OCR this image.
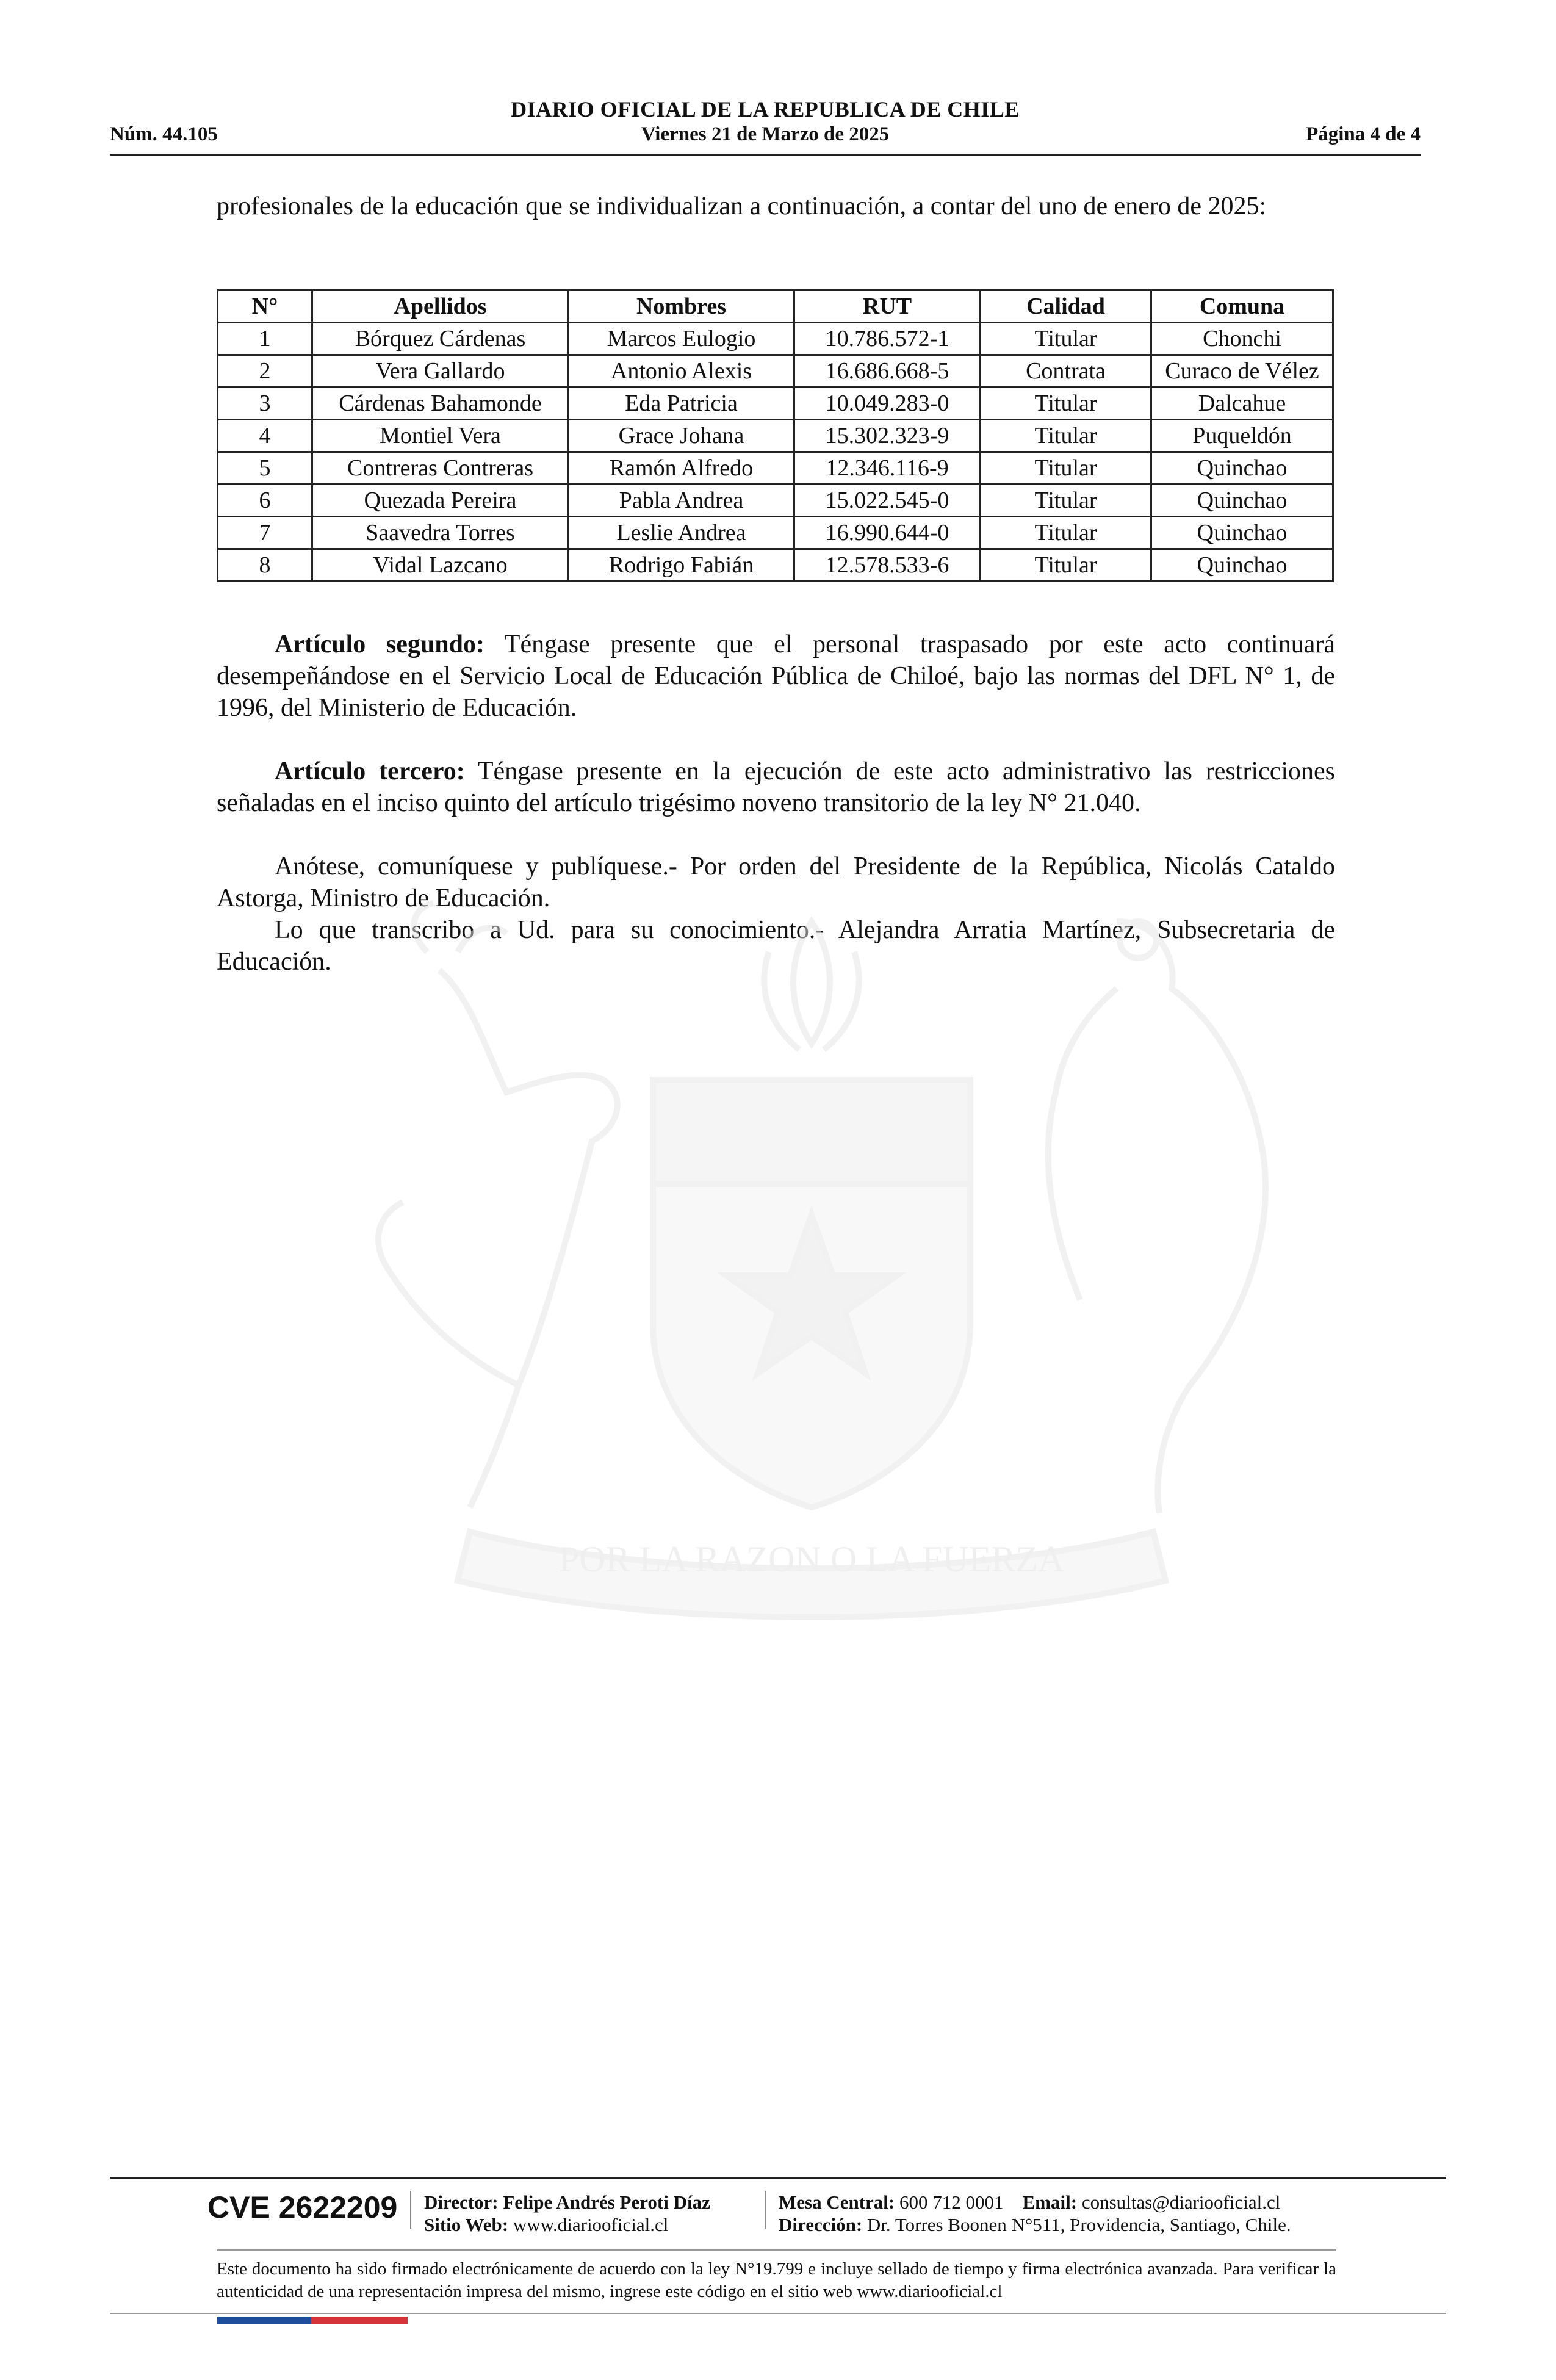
DIARIO OFICIAL DE LA REPUBLICA DE CHILE
Núm. 44.105	Viernes 21 de Marzo de 2025	Página 4 de 4

profesionales de la educación que se individualizan a continuación, a contar del uno de enero de 2025:

N°	Apellidos	Nombres	RUT	Calidad	Comuna
1	Bórquez Cárdenas	Marcos Eulogio	10.786.572-1	Titular	Chonchi
2	Vera Gallardo	Antonio Alexis	16.686.668-5	Contrata	Curaco de Vélez
3	Cárdenas Bahamonde	Eda Patricia	10.049.283-0	Titular	Dalcahue
4	Montiel Vera	Grace Johana	15.302.323-9	Titular	Puqueldón
5	Contreras Contreras	Ramón Alfredo	12.346.116-9	Titular	Quinchao
6	Quezada Pereira	Pabla Andrea	15.022.545-0	Titular	Quinchao
7	Saavedra Torres	Leslie Andrea	16.990.644-0	Titular	Quinchao
8	Vidal Lazcano	Rodrigo Fabián	12.578.533-6	Titular	Quinchao

Artículo segundo: Téngase presente que el personal traspasado por este acto continuará desempeñándose en el Servicio Local de Educación Pública de Chiloé, bajo las normas del DFL N° 1, de 1996, del Ministerio de Educación.

Artículo tercero: Téngase presente en la ejecución de este acto administrativo las restricciones señaladas en el inciso quinto del artículo trigésimo noveno transitorio de la ley N° 21.040.

Anótese, comuníquese y publíquese.- Por orden del Presidente de la República, Nicolás Cataldo Astorga, Ministro de Educación.

Lo que transcribo a Ud. para su conocimiento.- Alejandra Arratia Martínez, Subsecretaria de Educación.

POR LA RAZON O LA FUERZA
CVE 2622209 Director: Felipe Andrés Peroti Díaz
Sitio Web: www.diariooficial.cl
Mesa Central: 600 712 0001 Email: consultas@diariooficial.cl
Dirección: Dr. Torres Boonen N°511, Providencia, Santiago, Chile.
Este documento ha sido firmado electrónicamente de acuerdo con la ley N°19.799 e incluye sellado de tiempo y firma electrónica avanzada. Para verificar la autenticidad de una representación impresa del mismo, ingrese este código en el sitio web www.diariooficial.cl
